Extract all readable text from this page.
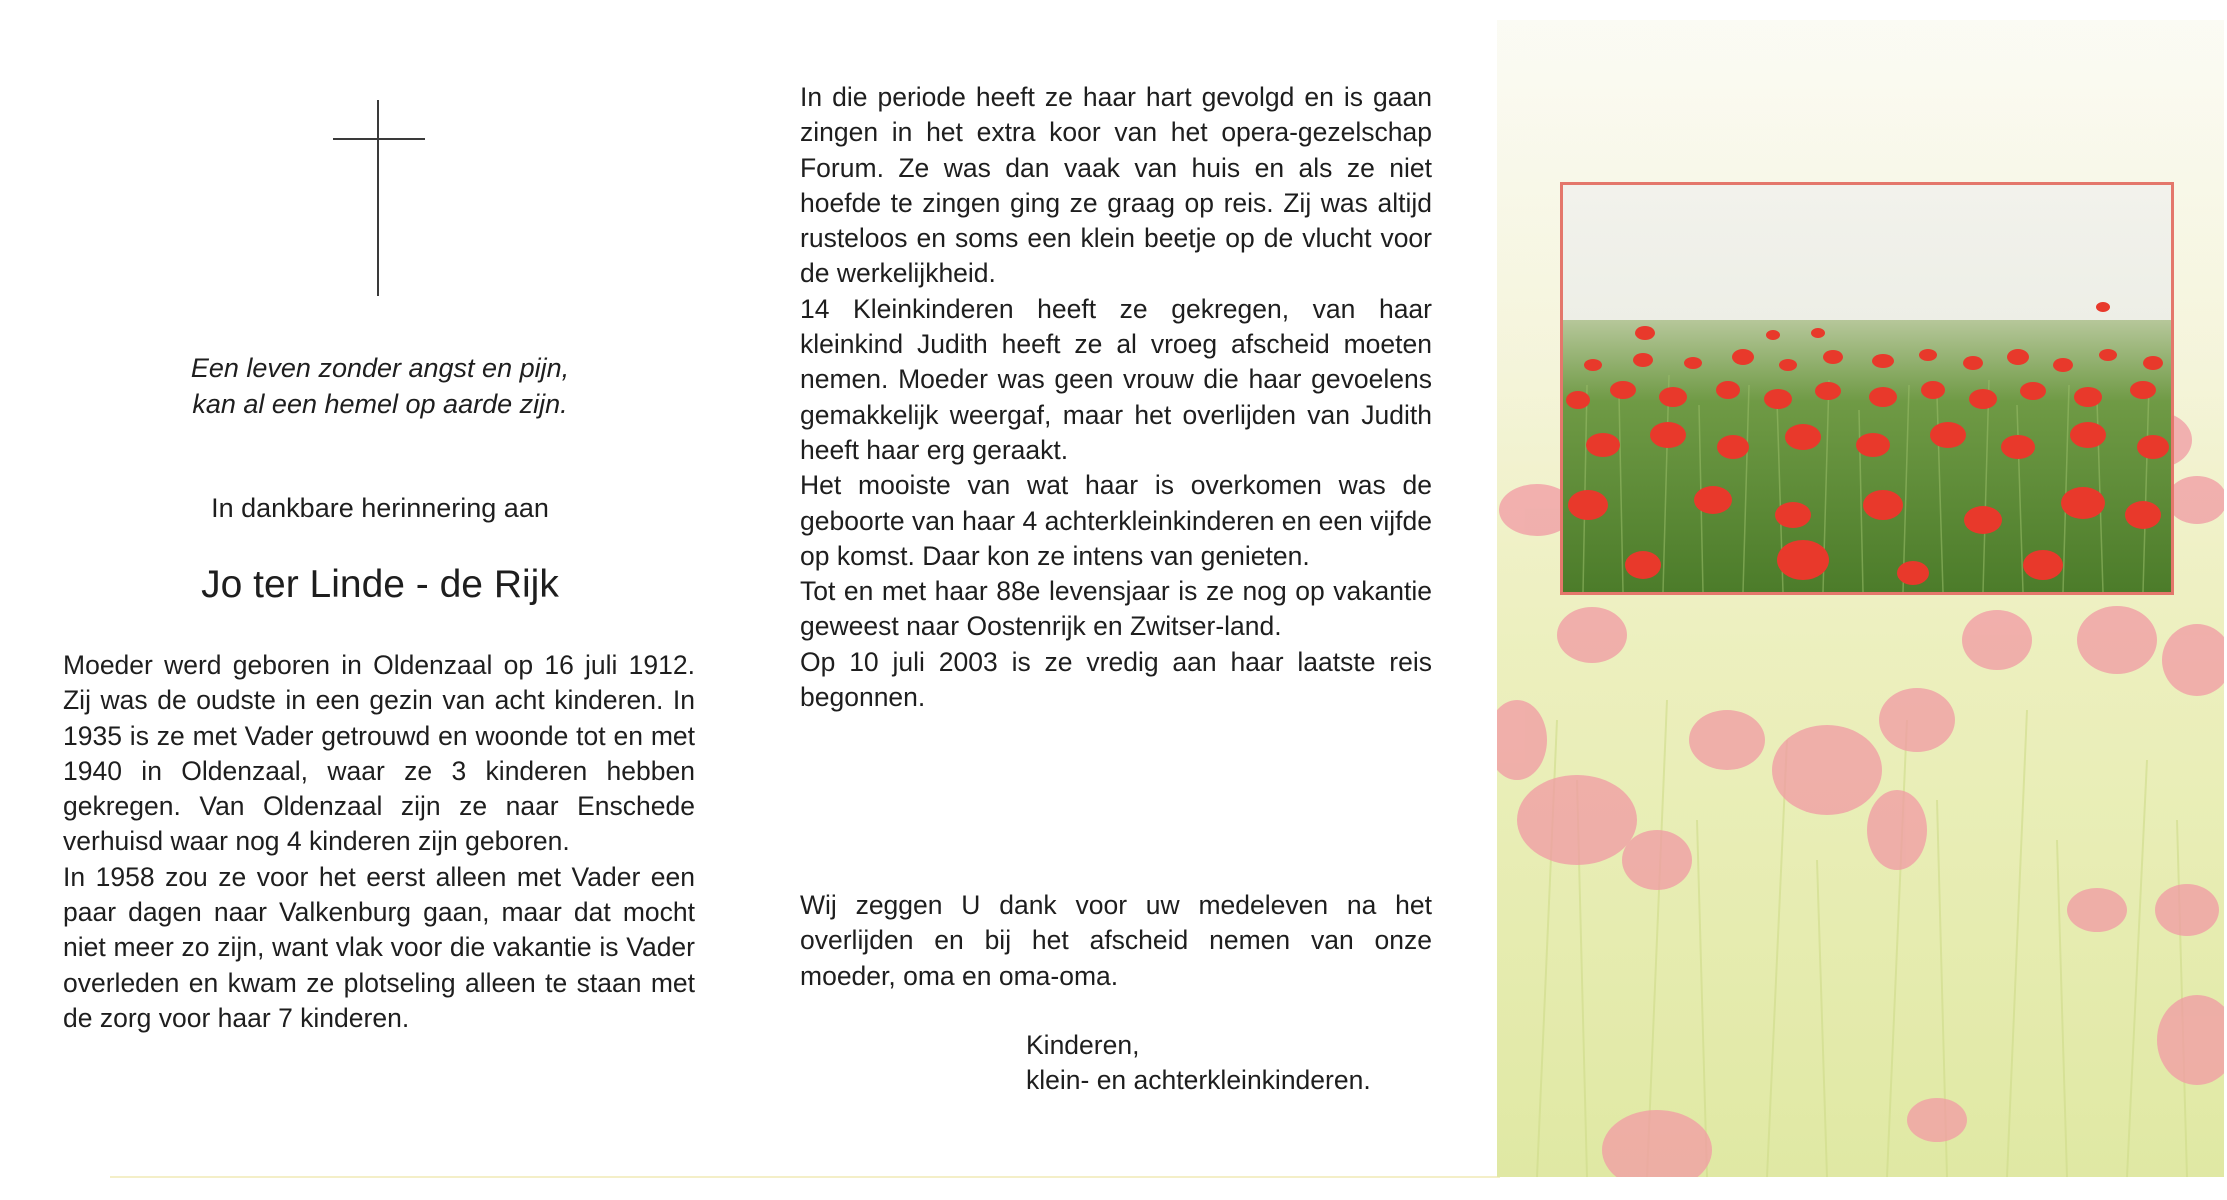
Een leven zonder angst en pijn,
kan al een hemel op aarde zijn.
In dankbare herinnering aan
Jo ter Linde - de Rijk

Moeder werd geboren in Oldenzaal op 16 juli 1912. Zij was de oudste in een gezin van acht kinderen. In 1935 is ze met Vader getrouwd en woonde tot en met 1940 in Oldenzaal, waar ze 3 kinderen hebben gekregen. Van Oldenzaal zijn ze naar Enschede verhuisd waar nog 4 kinderen zijn geboren.

In 1958 zou ze voor het eerst alleen met Vader een paar dagen naar Valkenburg gaan, maar dat mocht niet meer zo zijn, want vlak voor die vakantie is Vader overleden en kwam ze plotseling alleen te staan met de zorg voor haar 7 kinderen.

In die periode heeft ze haar hart gevolgd en is gaan zingen in het extra koor van het opera-gezelschap Forum. Ze was dan vaak van huis en als ze niet hoefde te zingen ging ze graag op reis. Zij was altijd rusteloos en soms een klein beetje op de vlucht voor de werkelijkheid.

14 Kleinkinderen heeft ze gekregen, van haar kleinkind Judith heeft ze al vroeg afscheid moeten nemen. Moeder was geen vrouw die haar gevoelens gemakkelijk weergaf, maar het overlijden van Judith heeft haar erg geraakt.

Het mooiste van wat haar is overkomen was de geboorte van haar 4 achterkleinkinderen en een vijfde op komst. Daar kon ze intens van genieten.

Tot en met haar 88e levensjaar is ze nog op vakantie geweest naar Oostenrijk en Zwitser-land.

Op 10 juli 2003 is ze vredig aan haar laatste reis begonnen.

Wij zeggen U dank voor uw medeleven na het overlijden en bij het afscheid nemen van onze moeder, oma en oma-oma.
Kinderen,
klein- en achterkleinkinderen.
